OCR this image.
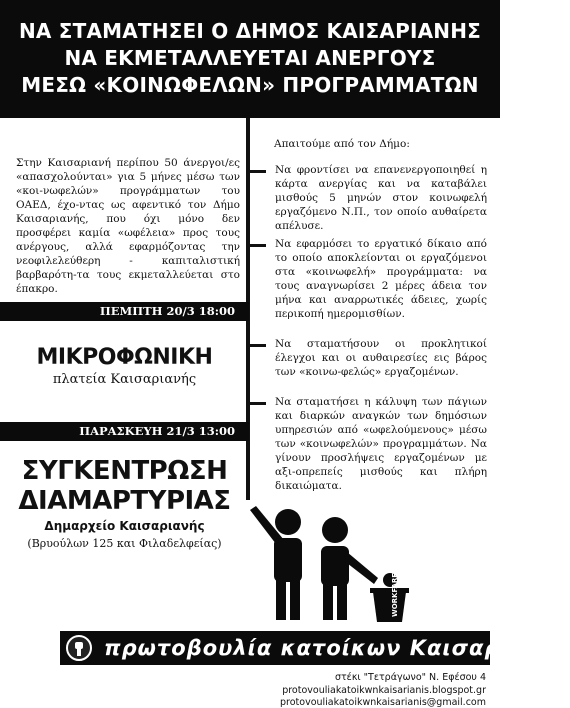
ΝΑ ΣΤΑΜΑΤΗΣΕΙ Ο ΔΗΜΟΣ ΚΑΙΣΑΡΙΑΝΗΣ
ΝΑ ΕΚΜΕΤΑΛΛΕΥΕΤΑΙ ΑΝΕΡΓΟΥΣ
ΜΕΣΩ «ΚΟΙΝΩΦΕΛΩΝ» ΠΡΟΓΡΑΜΜΑΤΩΝ

Στην Καισαριανή περίπου 50 άνεργοι/ες «απασχολούνται» για 5 μήνες μέσω των «κοι-νωφελών» προγράμματων του ΟΑΕΔ, έχο-ντας ως αφεντικό τον Δήμο Καισαριανής, που όχι μόνο δεν προσφέρει καμία «ωφέλεια» προς τους ανέργους, αλλά εφαρμόζοντας την νεοφιλελεύθερη - καπιταλιστική βαρβαρότη-τα τους εκμεταλλεύεται στο έπακρο.

ΠΕΜΠΤΗ 20/3 18:00
ΜΙΚΡΟΦΩΝΙΚΗ
πλατεία Καισαριανής
ΠΑΡΑΣΚΕΥΗ 21/3 13:00
ΣΥΓΚΕΝΤΡΩΣΗ
ΔΙΑΜΑΡΤΥΡΙΑΣ
Δημαρχείο Καισαριανής
(Βρυούλων 125 και Φιλαδελφείας)
Απαιτούμε από τον Δήμο:

Να φροντίσει να επανενεργοποιηθεί η κάρτα ανεργίας και να καταβάλει μισθούς 5 μηνών στον κοινωφελή εργαζόμενο Ν.Π., τον οποίο αυθαίρετα απέλυσε.

Να εφαρμόσει το εργατικό δίκαιο από το οποίο αποκλείονται οι εργαζόμενοι στα «κοινωφελή» προγράμματα: να τους αναγνωρίσει 2 μέρες άδεια τον μήνα και αναρρωτικές άδειες, χωρίς περικοπή ημερομισθίων.

Να σταματήσουν οι προκλητικοί έλεγχοι και οι αυθαιρεσίες εις βάρος των «κοινω-φελώς» εργαζομένων.

Να σταματήσει η κάλυψη των πάγιων και διαρκών αναγκών των δημόσιων υπηρεσιών από «ωφελούμενους» μέσω των «κοινωφελών» προγραμμάτων. Να γίνουν προσλήψεις εργαζομένων με αξι-οπρεπείς μισθούς και πλήρη δικαιώματα.

WORKFARE
πρωτοβουλία κατοίκων Καισαριανής
στέκι "Τετράγωνο" Ν. Εφέσου 4
protovouliakatoikwnkaisarianis.blogspot.gr
protovouliakatoikwnkaisarianis@gmail.com
